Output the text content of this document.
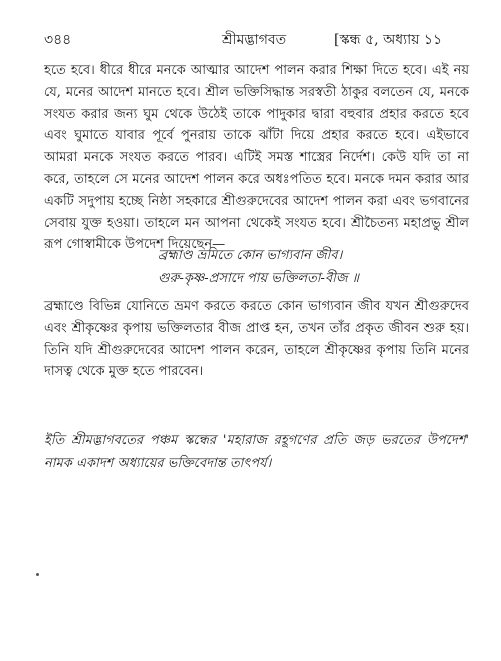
৩৪৪	শ্রীমদ্ভাগবত	[স্কন্ধ ৫, অধ্যায় ১১

হতে হবে। ধীরে ধীরে মনকে আত্মার আদেশ পালন করার শিক্ষা দিতে হবে। এই নয় যে, মনের আদেশ মানতে হবে। শ্রীল ভক্তিসিদ্ধান্ত সরস্বতী ঠাকুর বলতেন যে, মনকে সংযত করার জন্য ঘুম থেকে উঠেই তাকে পাদুকার দ্বারা বহুবার প্রহার করতে হবে এবং ঘুমাতে যাবার পূর্বে পুনরায় তাকে ঝাঁটা দিয়ে প্রহার করতে হবে। এইভাবে আমরা মনকে সংযত করতে পারব। এটিই সমস্ত শাস্ত্রের নির্দেশ। কেউ যদি তা না করে, তাহলে সে মনের আদেশ পালন করে অধঃপতিত হবে। মনকে দমন করার আর একটি সদুপায় হচ্ছে নিষ্ঠা সহকারে শ্রীগুরুদেবের আদেশ পালন করা এবং ভগবানের সেবায় যুক্ত হওয়া। তাহলে মন আপনা থেকেই সংযত হবে। শ্রীচৈতন্য মহাপ্রভু শ্রীল রূপ গোস্বামীকে উপদেশ দিয়েছেন—

ব্রহ্মাণ্ড ভ্রমিতে কোন ভাগ্যবান জীব।
গুরু-কৃষ্ণ-প্রসাদে পায় ভক্তিলতা-বীজ ॥

ব্রহ্মাণ্ডে বিভিন্ন যোনিতে ভ্রমণ করতে করতে কোন ভাগ্যবান জীব যখন শ্রীগুরুদেব এবং শ্রীকৃষ্ণের কৃপায় ভক্তিলতার বীজ প্রাপ্ত হন, তখন তাঁর প্রকৃত জীবন শুরু হয়। তিনি যদি শ্রীগুরুদেবের আদেশ পালন করেন, তাহলে শ্রীকৃষ্ণের কৃপায় তিনি মনের দাসত্ব থেকে মুক্ত হতে পারবেন।

ইতি শ্রীমদ্ভাগবতের পঞ্চম স্কন্ধের 'মহারাজ রহূগণের প্রতি জড় ভরতের উপদেশ' নামক একাদশ অধ্যায়ের ভক্তিবেদান্ত তাৎপর্য।
